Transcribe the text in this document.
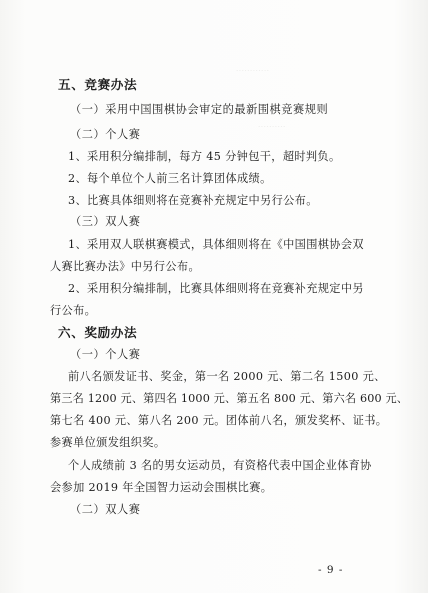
············
··········
五、竞赛办法
（一）采用中国围棋协会审定的最新围棋竞赛规则
（二）个人赛
1、采用积分编排制，每方 45 分钟包干，超时判负。
2、每个单位个人前三名计算团体成绩。
3、比赛具体细则将在竞赛补充规定中另行公布。
（三）双人赛
1、采用双人联棋赛模式，具体细则将在《中国围棋协会双
人赛比赛办法》中另行公布。
2、采用积分编排制，比赛具体细则将在竞赛补充规定中另
行公布。
六、奖励办法
（一）个人赛
前八名颁发证书、奖金，第一名 2000 元、第二名 1500 元、
第三名 1200 元、第四名 1000 元、第五名 800 元、第六名 600 元、
第七名 400 元、第八名 200 元。团体前八名，颁发奖杯、证书。
参赛单位颁发组织奖。
个人成绩前 3 名的男女运动员，有资格代表中国企业体育协
会参加 2019 年全国智力运动会围棋比赛。
（二）双人赛
- 9 -
